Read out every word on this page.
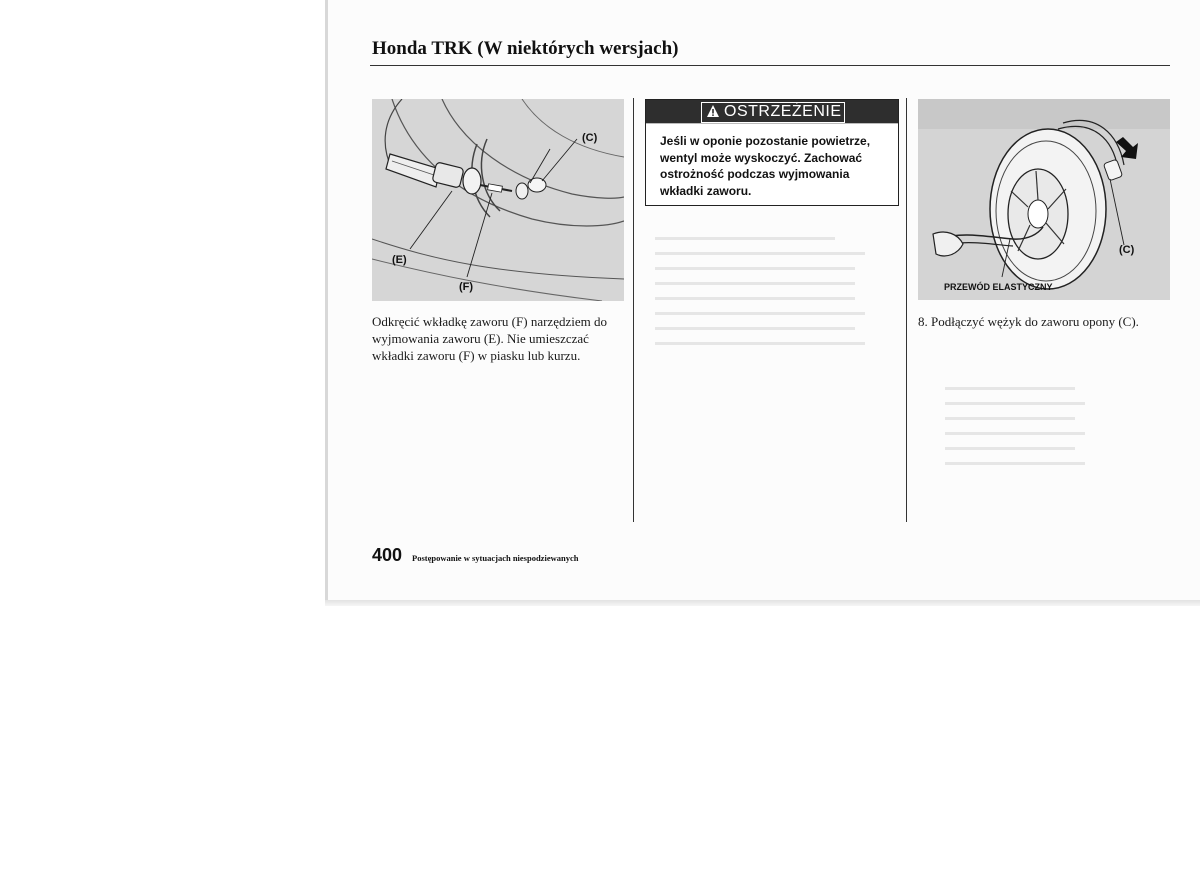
▬▬▬▬▬▬▬▬▬▬▬▬▬▬▬▬▬▬
▬▬▬▬▬▬▬▬▬▬▬▬▬▬▬▬▬▬▬▬▬
▬▬▬▬▬▬▬▬▬▬▬▬▬▬▬▬▬▬▬▬
▬▬▬▬▬▬▬▬▬▬▬▬▬▬▬▬▬▬▬▬
▬▬▬▬▬▬▬▬▬▬▬▬▬▬▬▬▬▬▬▬
▬▬▬▬▬▬▬▬▬▬▬▬▬▬▬▬▬▬▬▬▬
▬▬▬▬▬▬▬▬▬▬▬▬▬▬▬▬▬▬▬▬
▬▬▬▬▬▬▬▬▬▬▬▬▬▬▬▬▬▬▬▬▬
▬▬▬▬▬▬▬▬▬▬▬▬▬
▬▬▬▬▬▬▬▬▬▬▬▬▬▬
▬▬▬▬▬▬▬▬▬▬▬▬▬
▬▬▬▬▬▬▬▬▬▬▬▬▬▬
▬▬▬▬▬▬▬▬▬▬▬▬▬
▬▬▬▬▬▬▬▬▬▬▬▬▬▬
Honda TRK (W niektórych wersjach)
(C)
(E)
(F)

Odkręcić wkładkę zaworu (F) narzędziem do

wyjmowania zaworu (E). Nie umieszczać

wkładki zaworu (F) w piasku lub kurzu.

OSTRZEŻENIE

Jeśli w oponie pozostanie powietrze,

wentyl może wyskoczyć. Zachować

ostrożność podczas wyjmowania

wkładki zaworu.

(C)
PRZEWÓD ELASTYCZNY

8. Podłączyć wężyk do zaworu opony (C).

400 Postępowanie w sytuacjach niespodziewanych
